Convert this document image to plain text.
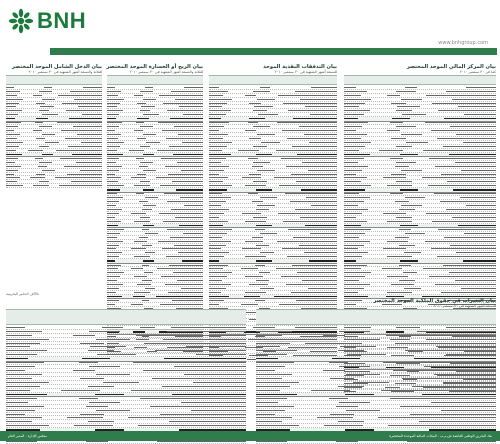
BNH
www.bnhgroup.com
بيان المركز المالي الموحد المختصر
كما في ٣٠ سبتمبر ٢٠١٠
بيان التدفقات النقدية الموحد
للتسعة أشهر المنتهية في ٣٠ سبتمبر ٢٠١٠
بيان الربح أو الخسارة الموحد المختصر
للثلاثة والتسعة أشهر المنتهية في ٣٠ سبتمبر ٢٠١٠
بيان الدخل الشامل الموحد المختصر
للثلاثة والتسعة أشهر المنتهية في ٣٠ سبتمبر ٢٠١٠
بالآلاف الدنانير البحرينية
بيان التغيرات في حقوق الملكية الموحد المختصر
للتسعة أشهر المنتهية في ٣٠ سبتمبر ٢٠١٠
مجلس الإدارة - المدير العام	بنك البحرين الوطني القابضة ش.م.ب - البيانات المالية الموحدة المختصرة
